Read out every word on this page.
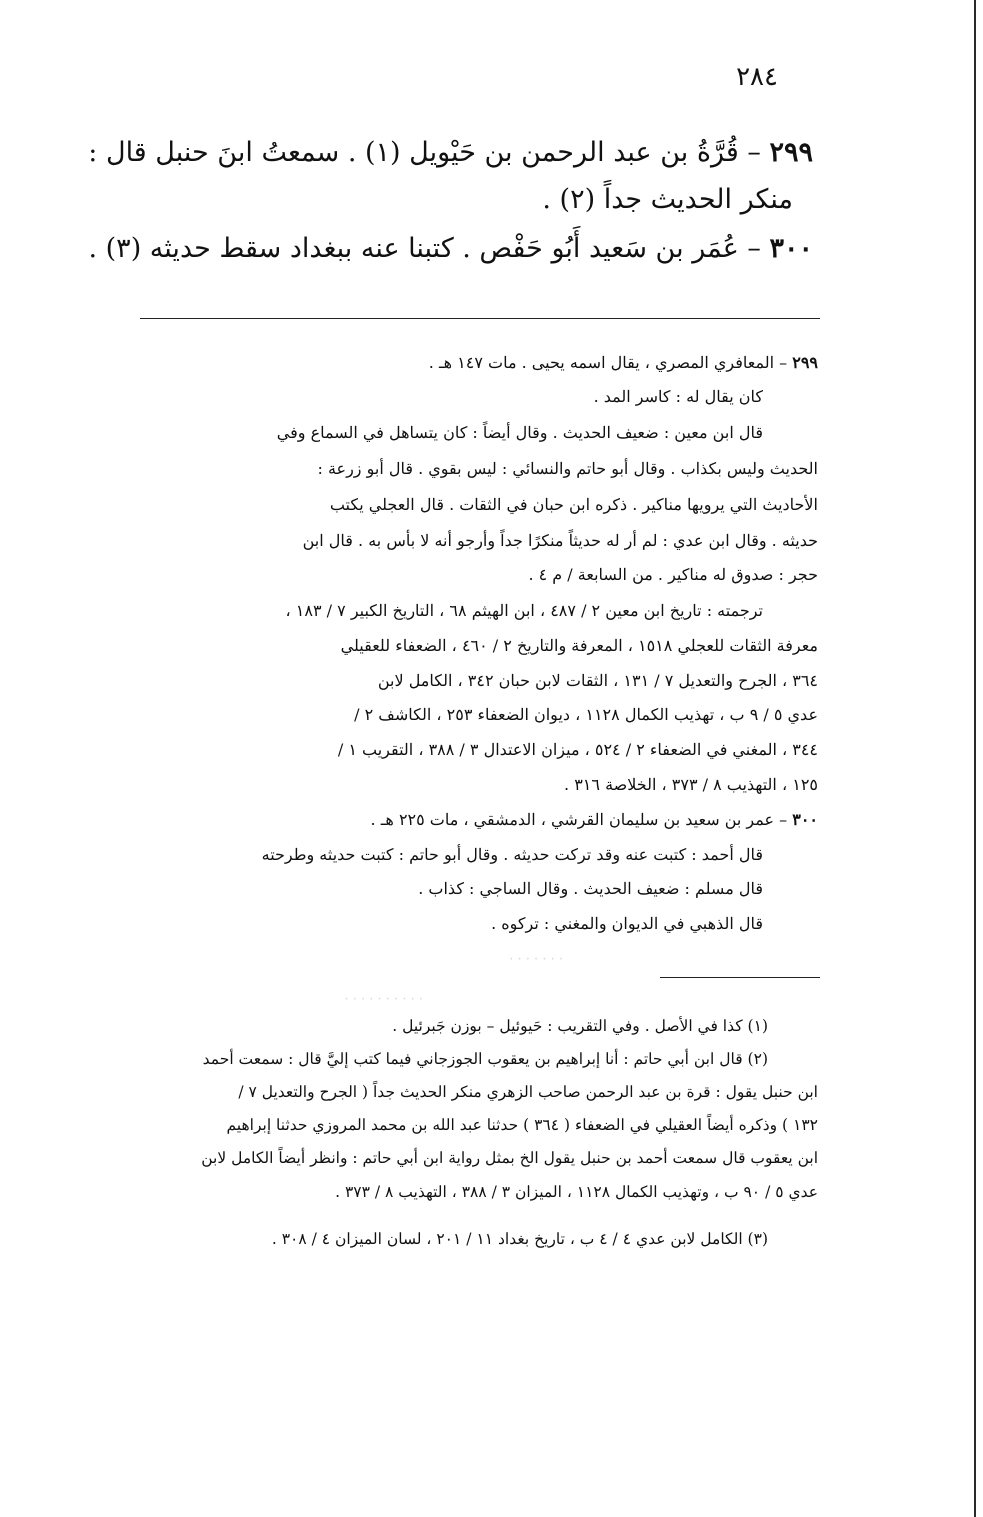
٢٨٤
٢٩٩ – قُرَّةُ بن عبد الرحمن بن حَيْويل (١) . سمعتُ ابنَ حنبل قال :
منكر الحديث جداً (٢) .
٣٠٠ – عُمَر بن سَعيد أَبُو حَفْص . كتبنا عنه ببغداد سقط حديثه (٣) .
٢٩٩ – المعافري المصري ، يقال اسمه يحيى . مات ١٤٧ هـ .
كان يقال له : كاسر المد .
قال ابن معين : ضعيف الحديث . وقال أيضاً : كان يتساهل في السماع وفي
الحديث وليس بكذاب . وقال أبو حاتم والنسائي : ليس بقوي . قال أبو زرعة :
الأحاديث التي يرويها مناكير . ذكره ابن حبان في الثقات . قال العجلي يكتب
حديثه . وقال ابن عدي : لم أر له حديثاً منكرًا جداً وأرجو أنه لا بأس به . قال ابن
حجر : صدوق له مناكير . من السابعة / م ٤ .
ترجمته : تاريخ ابن معين ٢ / ٤٨٧ ، ابن الهيثم ٦٨ ، التاريخ الكبير ٧ / ١٨٣ ،
معرفة الثقات للعجلي ١٥١٨ ، المعرفة والتاريخ ٢ / ٤٦٠ ، الضعفاء للعقيلي
٣٦٤ ، الجرح والتعديل ٧ / ١٣١ ، الثقات لابن حبان ٣٤٢ ، الكامل لابن
عدي ٥ / ٩ ب ، تهذيب الكمال ١١٢٨ ، ديوان الضعفاء ٢٥٣ ، الكاشف ٢ /
٣٤٤ ، المغني في الضعفاء ٢ / ٥٢٤ ، ميزان الاعتدال ٣ / ٣٨٨ ، التقريب ١ /
١٢٥ ، التهذيب ٨ / ٣٧٣ ، الخلاصة ٣١٦ .
٣٠٠ – عمر بن سعيد بن سليمان القرشي ، الدمشقي ، مات ٢٢٥ هـ .
قال أحمد : كتبت عنه وقد تركت حديثه . وقال أبو حاتم : كتبت حديثه وطرحته
قال مسلم : ضعيف الحديث . وقال الساجي : كذاب .
قال الذهبي في الديوان والمغني : تركوه .
· · · · · · ·
· · · · · · · · · ·
(١) كذا في الأصل . وفي التقريب : حَيوئيل – بوزن جَبرئيل .
(٢) قال ابن أبي حاتم : أنا إبراهيم بن يعقوب الجوزجاني فيما كتب إليَّ قال : سمعت أحمد
ابن حنبل يقول : قرة بن عبد الرحمن صاحب الزهري منكر الحديث جداً ( الجرح والتعديل ٧ /
١٣٢ ) وذكره أيضاً العقيلي في الضعفاء ( ٣٦٤ ) حدثنا عبد الله بن محمد المروزي حدثنا إبراهيم
ابن يعقوب قال سمعت أحمد بن حنبل يقول الخ بمثل رواية ابن أبي حاتم : وانظر أيضاً الكامل لابن
عدي ٥ / ٩٠ ب ، وتهذيب الكمال ١١٢٨ ، الميزان ٣ / ٣٨٨ ، التهذيب ٨ / ٣٧٣ .
(٣) الكامل لابن عدي ٤ / ٤ ب ، تاريخ بغداد ١١ / ٢٠١ ، لسان الميزان ٤ / ٣٠٨ .
